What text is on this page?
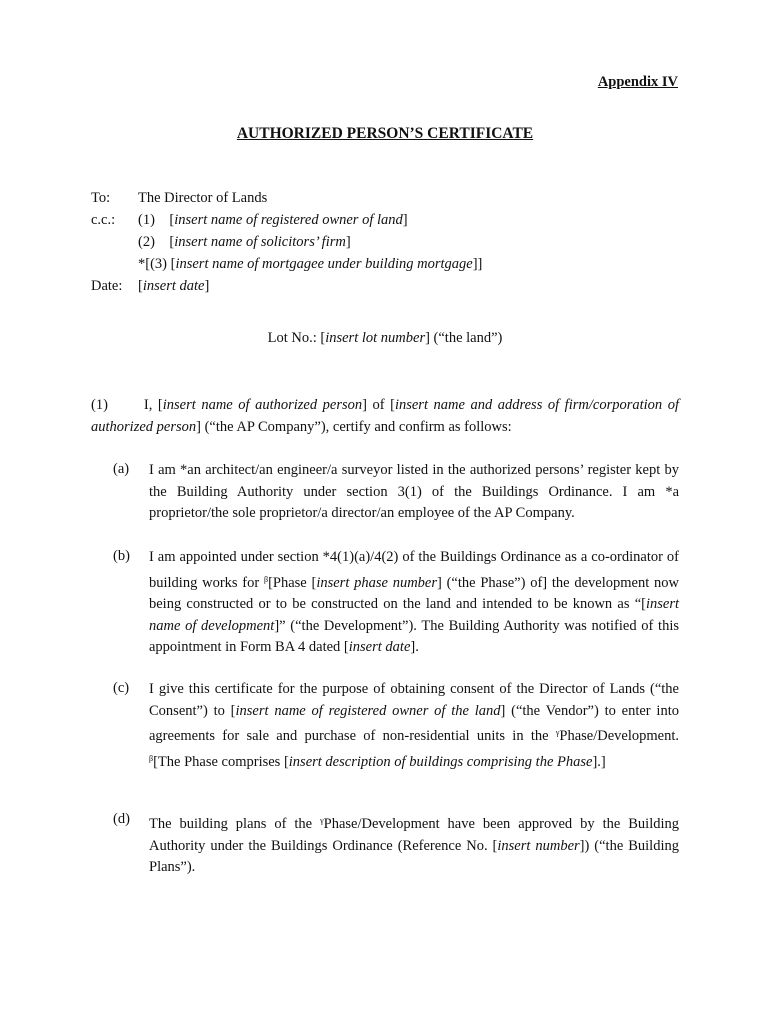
Appendix IV
AUTHORIZED PERSON’S CERTIFICATE
To: The Director of Lands
c.c.: (1)    [insert name of registered owner of land]
(2)    [insert name of solicitors’ firm]
*[(3) [insert name of mortgagee under building mortgage]]
Date: [insert date]
Lot No.: [insert lot number] (“the land”)
(1) I, [insert name of authorized person] of [insert name and address of firm/corporation of authorized person] (“the AP Company”), certify and confirm as follows:
(a) I am *an architect/an engineer/a surveyor listed in the authorized persons’ register kept by the Building Authority under section 3(1) of the Buildings Ordinance. I am *a proprietor/the sole proprietor/a director/an employee of the AP Company.
(b) I am appointed under section *4(1)(a)/4(2) of the Buildings Ordinance as a co-ordinator of building works for $^\beta$[Phase [insert phase number] (“the Phase”) of] the development now being constructed or to be constructed on the land and intended to be known as “[insert name of development]” (“the Development”). The Building Authority was notified of this appointment in Form BA 4 dated [insert date].
(c) I give this certificate for the purpose of obtaining consent of the Director of Lands (“the Consent”) to [insert name of registered owner of the land] (“the Vendor”) to enter into agreements for sale and purchase of non-residential units in the $^\gamma$Phase/Development.   $^\beta$[The Phase comprises [insert description of buildings comprising the Phase].]
(d) The building plans of the $^\gamma$Phase/Development have been approved by the Building Authority under the Buildings Ordinance (Reference No. [insert number]) (“the Building Plans”).
